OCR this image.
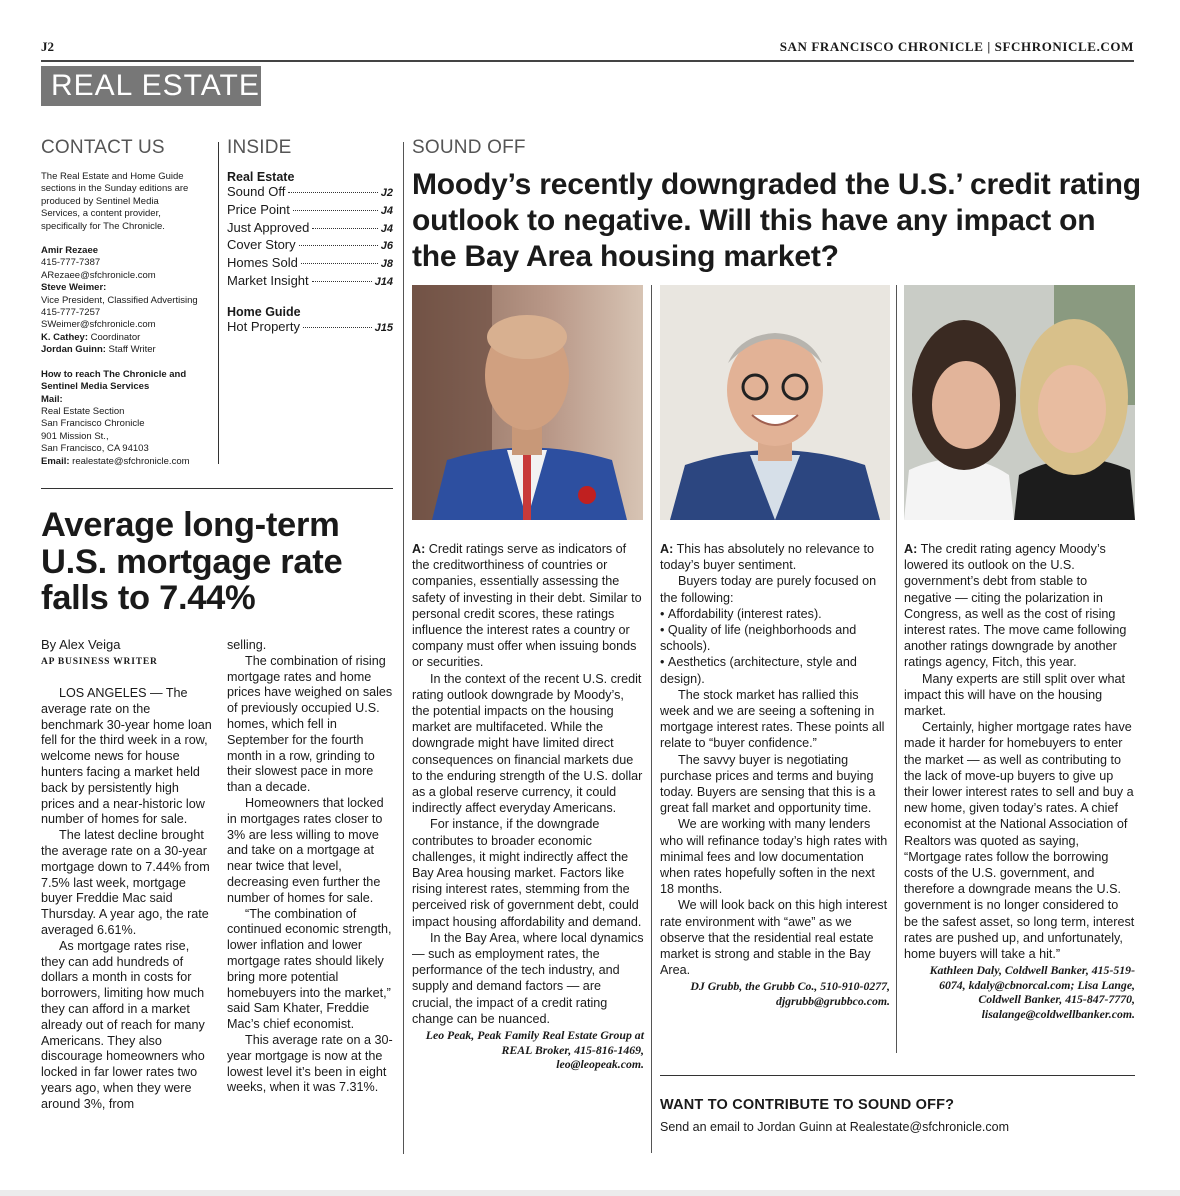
J2	SAN FRANCISCO CHRONICLE | SFCHRONICLE.COM
REAL ESTATE
CONTACT US
The Real Estate and Home Guide
sections in the Sunday editions are
produced by Sentinel Media
Services, a content provider,
specifically for The Chronicle.
Amir Rezaee
415-777-7387
ARezaee@sfchronicle.com
Steve Weimer:
Vice President, Classified Advertising
415-777-7257
SWeimer@sfchronicle.com
K. Cathey: Coordinator
Jordan Guinn: Staff Writer
How to reach The Chronicle and
Sentinel Media Services
Mail:
Real Estate Section
San Francisco Chronicle
901 Mission St.,
San Francisco, CA 94103
Email: realestate@sfchronicle.com
INSIDE
Real Estate
Sound Off	J2
Price Point	J4
Just Approved	J4
Cover Story	J6
Homes Sold	J8
Market Insight	J14
Home Guide
Hot Property	J15
SOUND OFF
Moody’s recently downgraded the U.S.’ credit rating outlook to negative. Will this have any impact on the Bay Area housing market?

A: Credit ratings serve as indicators of the creditworthiness of countries or companies, essentially assessing the safety of investing in their debt. Similar to personal credit scores, these ratings influence the interest rates a country or company must offer when issuing bonds or securities.

In the context of the recent U.S. credit rating outlook downgrade by Moody’s, the potential impacts on the housing market are multifaceted. While the downgrade might have limited direct consequences on financial markets due to the enduring strength of the U.S. dollar as a global reserve currency, it could indirectly affect everyday Americans.

For instance, if the downgrade contributes to broader economic challenges, it might indirectly affect the Bay Area housing market. Factors like rising interest rates, stemming from the perceived risk of government debt, could impact housing affordability and demand.

In the Bay Area, where local dynamics — such as employment rates, the performance of the tech industry, and supply and demand factors — are crucial, the impact of a credit rating change can be nuanced.

Leo Peak, Peak Family Real Estate Group at REAL Broker, 415-816-1469, leo@leopeak.com.

A: This has absolutely no relevance to today’s buyer sentiment.

Buyers today are purely focused on the following:

• Affordability (interest rates).

• Quality of life (neighborhoods and schools).

• Aesthetics (architecture, style and design).

The stock market has rallied this week and we are seeing a softening in mortgage interest rates. These points all relate to “buyer confidence.”

The savvy buyer is negotiating purchase prices and terms and buying today. Buyers are sensing that this is a great fall market and opportunity time.

We are working with many lenders who will refinance today’s high rates with minimal fees and low documentation when rates hopefully soften in the next 18 months.

We will look back on this high interest rate environment with “awe” as we observe that the residential real estate market is strong and stable in the Bay Area.

DJ Grubb, the Grubb Co., 510-910-0277, djgrubb@grubbco.com.

A: The credit rating agency Moody’s lowered its outlook on the U.S. government’s debt from stable to negative — citing the polarization in Congress, as well as the cost of rising interest rates. The move came following another ratings downgrade by another ratings agency, Fitch, this year.

Many experts are still split over what impact this will have on the housing market.

Certainly, higher mortgage rates have made it harder for homebuyers to enter the market — as well as contributing to the lack of move-up buyers to give up their lower interest rates to sell and buy a new home, given today’s rates. A chief economist at the National Association of Realtors was quoted as saying, “Mortgage rates follow the borrowing costs of the U.S. government, and therefore a downgrade means the U.S. government is no longer considered to be the safest asset, so long term, interest rates are pushed up, and unfortunately, home buyers will take a hit.”

Kathleen Daly, Coldwell Banker, 415-519-6074, kdaly@cbnorcal.com; Lisa Lange, Coldwell Banker, 415-847-7770, lisalange@coldwellbanker.com.
WANT TO CONTRIBUTE TO SOUND OFF?
Send an email to Jordan Guinn at Realestate@sfchronicle.com
Average long-term U.S. mortgage rate falls to 7.44%
By Alex Veiga
AP BUSINESS WRITER

LOS ANGELES — The average rate on the benchmark 30-year home loan fell for the third week in a row, welcome news for house hunters facing a market held back by persistently high prices and a near-historic low number of homes for sale.

The latest decline brought the average rate on a 30-year mortgage down to 7.44% from 7.5% last week, mortgage buyer Freddie Mac said Thursday. A year ago, the rate averaged 6.61%.

As mortgage rates rise, they can add hundreds of dollars a month in costs for borrowers, limiting how much they can afford in a market already out of reach for many Americans. They also discourage homeowners who locked in far lower rates two years ago, when they were around 3%, from

selling.

The combination of rising mortgage rates and home prices have weighed on sales of previously occupied U.S. homes, which fell in September for the fourth month in a row, grinding to their slowest pace in more than a decade.

Homeowners that locked in mortgages rates closer to 3% are less willing to move and take on a mortgage at near twice that level, decreasing even further the number of homes for sale.

“The combination of continued economic strength, lower inflation and lower mortgage rates should likely bring more potential homebuyers into the market,” said Sam Khater, Freddie Mac’s chief economist.

This average rate on a 30-year mortgage is now at the lowest level it’s been in eight weeks, when it was 7.31%.
